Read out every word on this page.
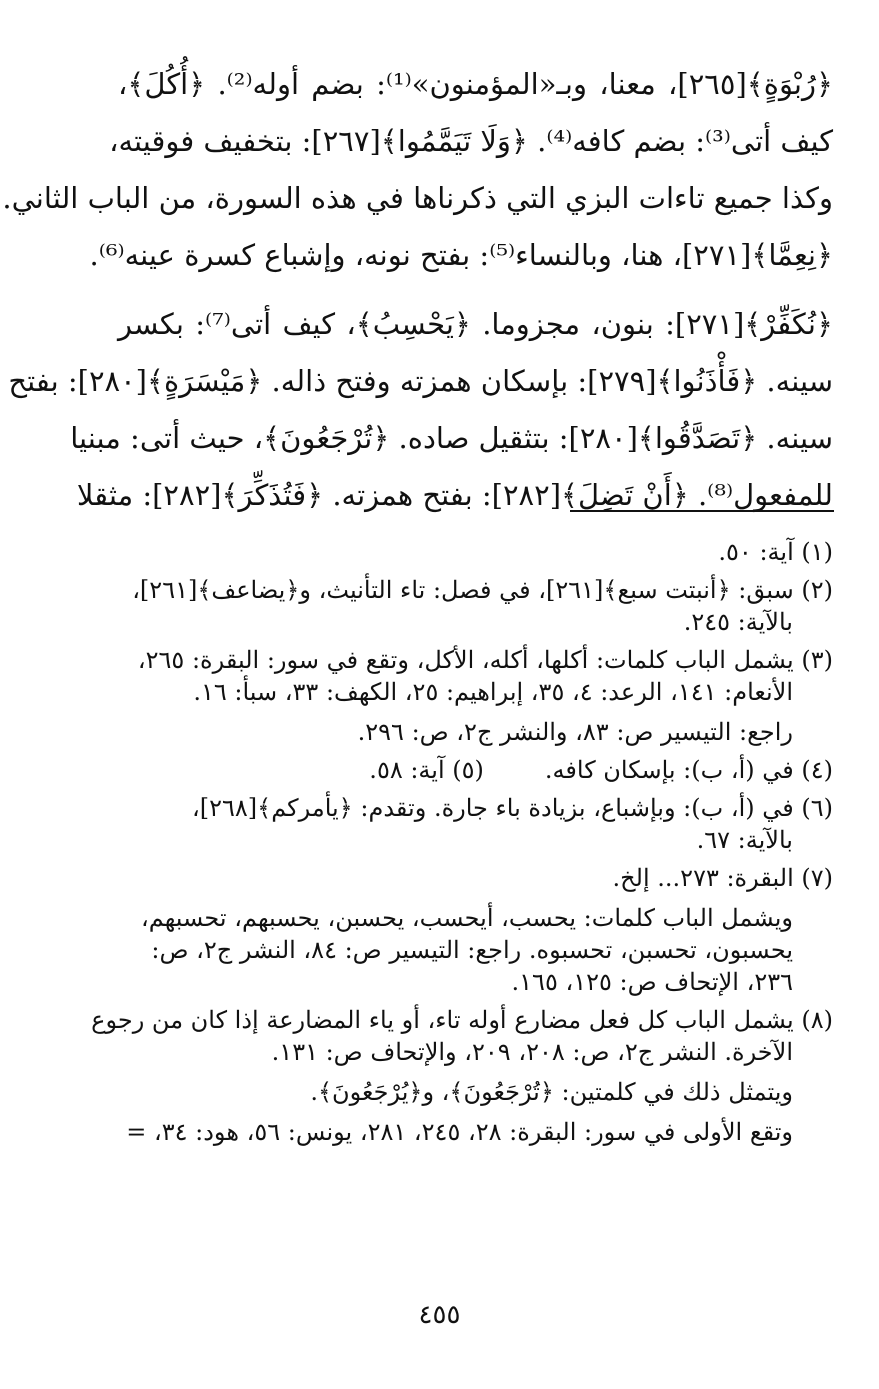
﴿رُبْوَةٍ﴾[٢٦٥]، معنا، وبـ«المؤمنون»⁽¹⁾: بضم أوله⁽²⁾. ﴿أُكُلَ﴾،
كيف أتى⁽³⁾: بضم كافه⁽⁴⁾. ﴿وَلَا تَيَمَّمُوا﴾[٢٦٧]: بتخفيف فوقيته،
وكذا جميع تاءات البزي التي ذكرناها في هذه السورة، من الباب الثاني.
﴿نِعِمَّا﴾[٢٧١]، هنا، وبالنساء⁽⁵⁾: بفتح نونه، وإشباع كسرة عينه⁽⁶⁾.
﴿نُكَفِّرْ﴾[٢٧١]: بنون، مجزوما. ﴿يَحْسِبُ﴾، كيف أتى⁽⁷⁾: بكسر
سينه. ﴿فَأْذَنُوا﴾[٢٧٩]: بإسكان همزته وفتح ذاله. ﴿مَيْسَرَةٍ﴾[٢٨٠]: بفتح
سينه. ﴿تَصَدَّقُوا﴾[٢٨٠]: بتثقيل صاده. ﴿تُرْجَعُونَ﴾، حيث أتى: مبنيا
للمفعول⁽⁸⁾. ﴿أَنْ تَضِلَ﴾[٢٨٢]: بفتح همزته. ﴿فَتُذَكِّرَ﴾[٢٨٢]: مثقلا
(١) آية: ٥٠.
(٢) سبق: ﴿أنبتت سبع﴾[٢٦١]، في فصل: تاء التأنيث، و﴿يضاعف﴾[٢٦١]،
بالآية: ٢٤٥.
(٣) يشمل الباب كلمات: أكلها، أكله، الأكل، وتقع في سور: البقرة: ٢٦٥،
الأنعام: ١٤١، الرعد: ٤، ٣٥، إبراهيم: ٢٥، الكهف: ٣٣، سبأ: ١٦.
راجع: التيسير ص: ٨٣، والنشر ج٢، ص: ٢٩٦.
(٤) في (أ، ب): بإسكان كافه.        (٥) آية: ٥٨.
(٦) في (أ، ب): وبإشباع، بزيادة باء جارة. وتقدم: ﴿يأمركم﴾[٢٦٨]،
بالآية: ٦٧.
(٧) البقرة: ٢٧٣... إلخ.
ويشمل الباب كلمات: يحسب، أيحسب، يحسبن، يحسبهم، تحسبهم،
يحسبون، تحسبن، تحسبوه. راجع: التيسير ص: ٨٤، النشر ج٢، ص:
٢٣٦، الإتحاف ص: ١٢٥، ١٦٥.
(٨) يشمل الباب كل فعل مضارع أوله تاء، أو ياء المضارعة إذا كان من رجوع
الآخرة. النشر ج٢، ص: ٢٠٨، ٢٠٩، والإتحاف ص: ١٣١.
ويتمثل ذلك في كلمتين: ﴿تُرْجَعُونَ﴾، و﴿يُرْجَعُونَ﴾.
وتقع الأولى في سور: البقرة: ٢٨، ٢٤٥، ٢٨١، يونس: ٥٦، هود: ٣٤، =
٤٥٥
